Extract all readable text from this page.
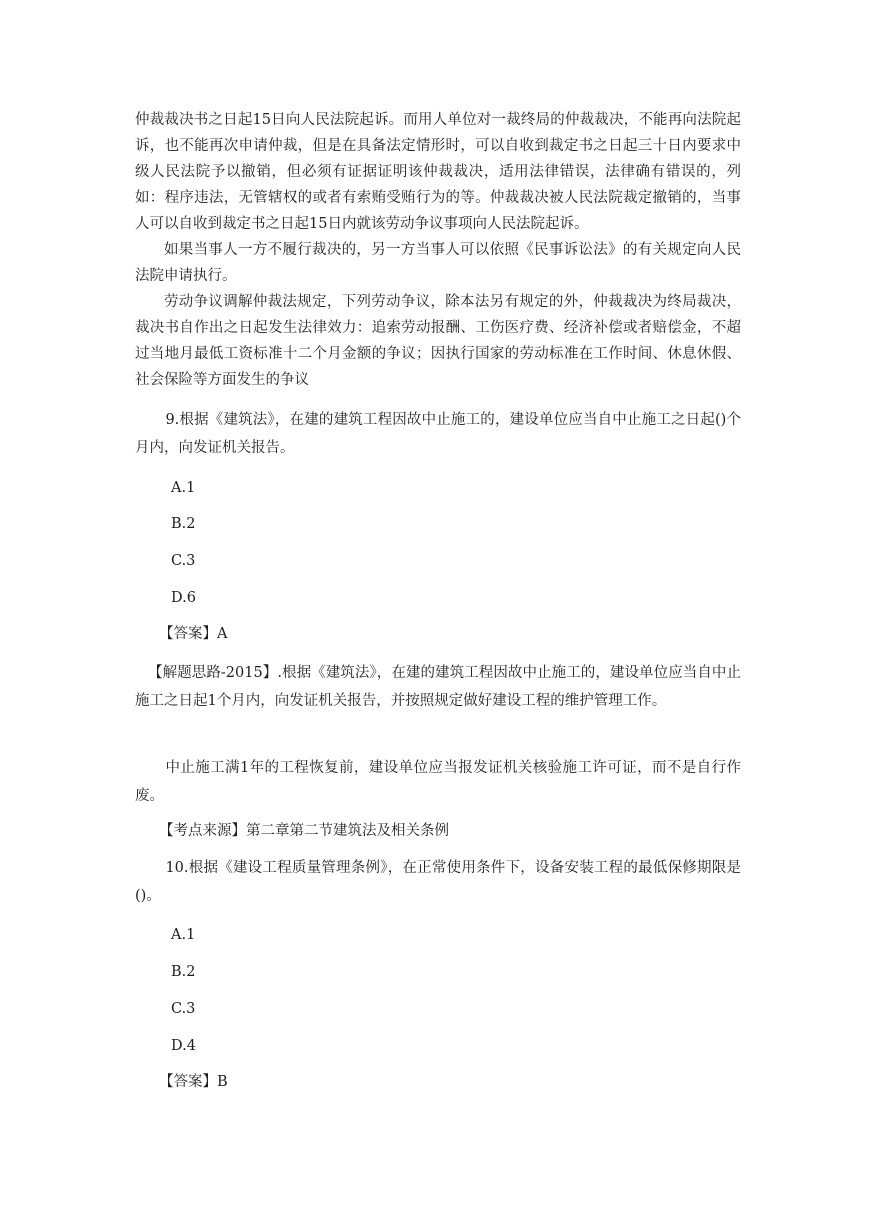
仲裁裁决书之日起15日向人民法院起诉。而用人单位对一裁终局的仲裁裁决，不能再向法院起诉，也不能再次申请仲裁，但是在具备法定情形时，可以自收到裁定书之日起三十日内要求中级人民法院予以撤销，但必须有证据证明该仲裁裁决，适用法律错误，法律确有错误的，列如：程序违法，无管辖权的或者有索贿受贿行为的等。仲裁裁决被人民法院裁定撤销的，当事人可以自收到裁定书之日起15日内就该劳动争议事项向人民法院起诉。

如果当事人一方不履行裁决的，另一方当事人可以依照《民事诉讼法》的有关规定向人民法院申请执行。

劳动争议调解仲裁法规定，下列劳动争议，除本法另有规定的外，仲裁裁决为终局裁决，裁决书自作出之日起发生法律效力：追索劳动报酬、工伤医疗费、经济补偿或者赔偿金，不超过当地月最低工资标准十二个月金额的争议；因执行国家的劳动标准在工作时间、休息休假、社会保险等方面发生的争议

9.根据《建筑法》，在建的建筑工程因故中止施工的，建设单位应当自中止施工之日起()个月内，向发证机关报告。

A.1
B.2
C.3
D.6
【答案】A

【解题思路-2015】.根据《建筑法》，在建的建筑工程因故中止施工的，建设单位应当自中止施工之日起1个月内，向发证机关报告，并按照规定做好建设工程的维护管理工作。

中止施工满1年的工程恢复前，建设单位应当报发证机关核验施工许可证，而不是自行作废。

【考点来源】第二章第二节建筑法及相关条例

10.根据《建设工程质量管理条例》，在正常使用条件下，设备安装工程的最低保修期限是()。

A.1
B.2
C.3
D.4
【答案】B
